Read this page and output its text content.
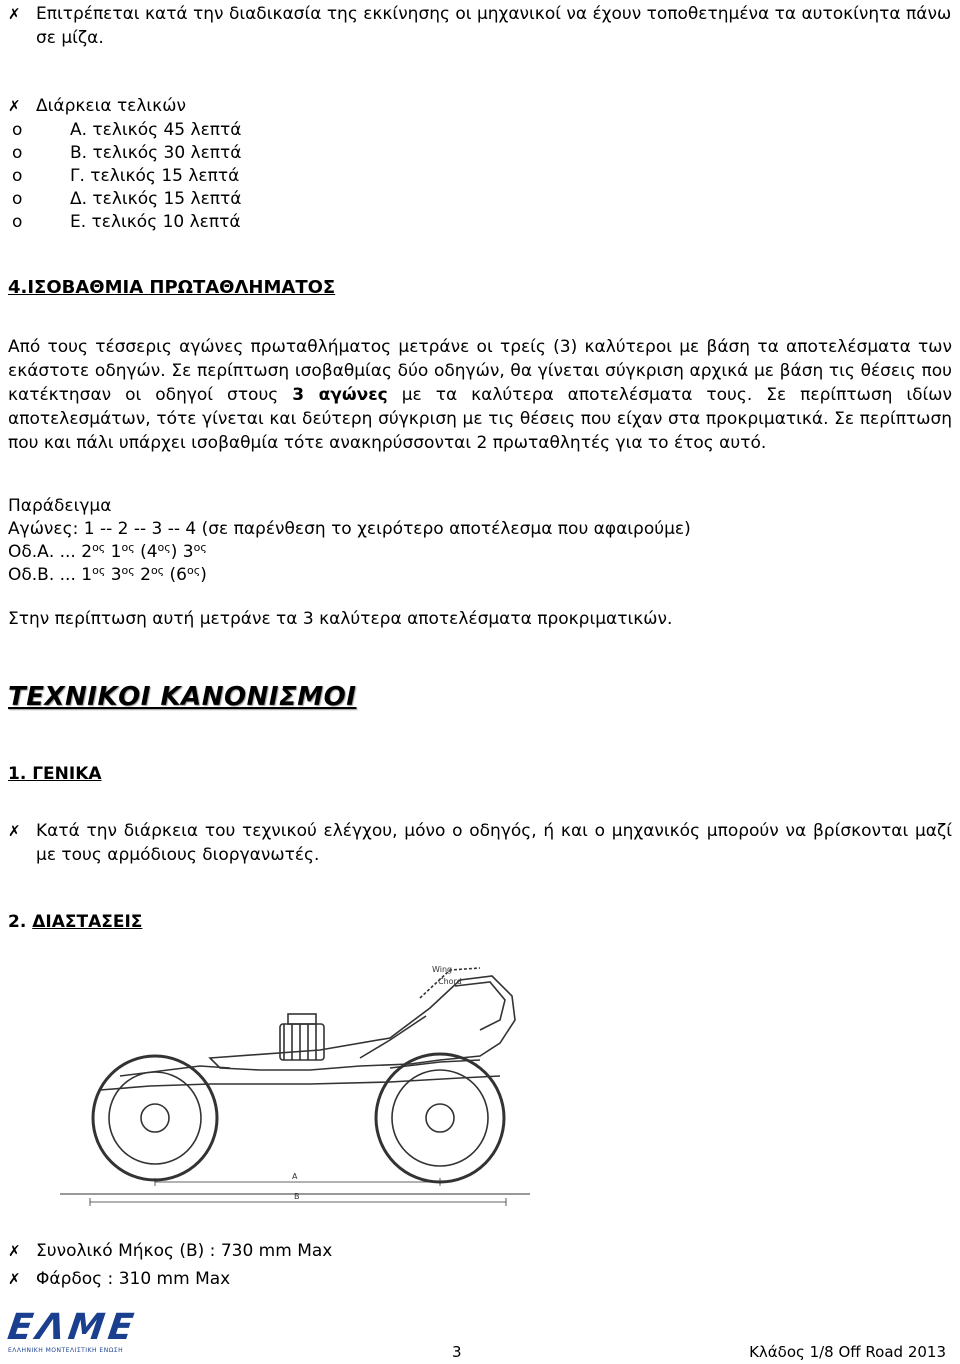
✗ Επιτρέπεται κατά την διαδικασία της εκκίνησης οι μηχανικοί να έχουν τοποθετημένα τα αυτοκίνητα πάνω σε μίζα.
✗ Διάρκεια τελικών
o	Α. τελικός 45 λεπτά
o	Β. τελικός 30 λεπτά
o	Γ. τελικός 15 λεπτά
o	Δ. τελικός 15 λεπτά
o	Ε. τελικός 10 λεπτά
4.ΙΣΟΒΑΘΜΙΑ ΠΡΩΤΑΘΛΗΜΑΤΟΣ
Από τους τέσσερις αγώνες πρωταθλήματος μετράνε οι τρείς (3) καλύτεροι με βάση τα αποτελέσματα των εκάστοτε οδηγών. Σε περίπτωση ισοβαθμίας δύο οδηγών, θα γίνεται σύγκριση αρχικά με βάση τις θέσεις που κατέκτησαν οι οδηγοί στους 3 αγώνες με τα καλύτερα αποτελέσματα τους. Σε περίπτωση ιδίων αποτελεσμάτων, τότε γίνεται και δεύτερη σύγκριση με τις θέσεις που είχαν στα προκριματικά. Σε περίπτωση που και πάλι υπάρχει ισοβαθμία τότε ανακηρύσσονται 2 πρωταθλητές για το έτος αυτό.
Παράδειγμα
Αγώνες: 1 -- 2 -- 3 -- 4 (σε παρένθεση το χειρότερο αποτέλεσμα που αφαιρούμε)
Οδ.Α. ... $2^{o\varsigma}$ $1^{o\varsigma}$ $(4^{o\varsigma})$ $3^{o\varsigma}$
Οδ.Β. ... $1^{o\varsigma}$ $3^{o\varsigma}$ $2^{o\varsigma}$ $(6^{o\varsigma})$
Στην περίπτωση αυτή μετράνε τα 3 καλύτερα αποτελέσματα προκριματικών.
ΤΕΧΝΙΚΟΙ ΚΑΝΟΝΙΣΜΟΙ
1. ΓΕΝΙΚΑ
✗ Κατά την διάρκεια του τεχνικού ελέγχου, μόνο ο οδηγός, ή και ο μηχανικός μπορούν να βρίσκονται μαζί με τους αρμόδιους διοργανωτές.
2. ΔΙΑΣΤΑΣΕΙΣ
Wing
Chord
A
B
✗ Συνολικό Μήκος (Β) : 730 mm Max
✗ Φάρδος : 310 mm Max
ΕΛΜΕ
ΕΛΛΗΝΙΚΗ ΜΟΝΤΕΛΙΣΤΙΚΗ ΕΝΩΣΗ	3	Κλάδος 1/8 Off Road 2013
